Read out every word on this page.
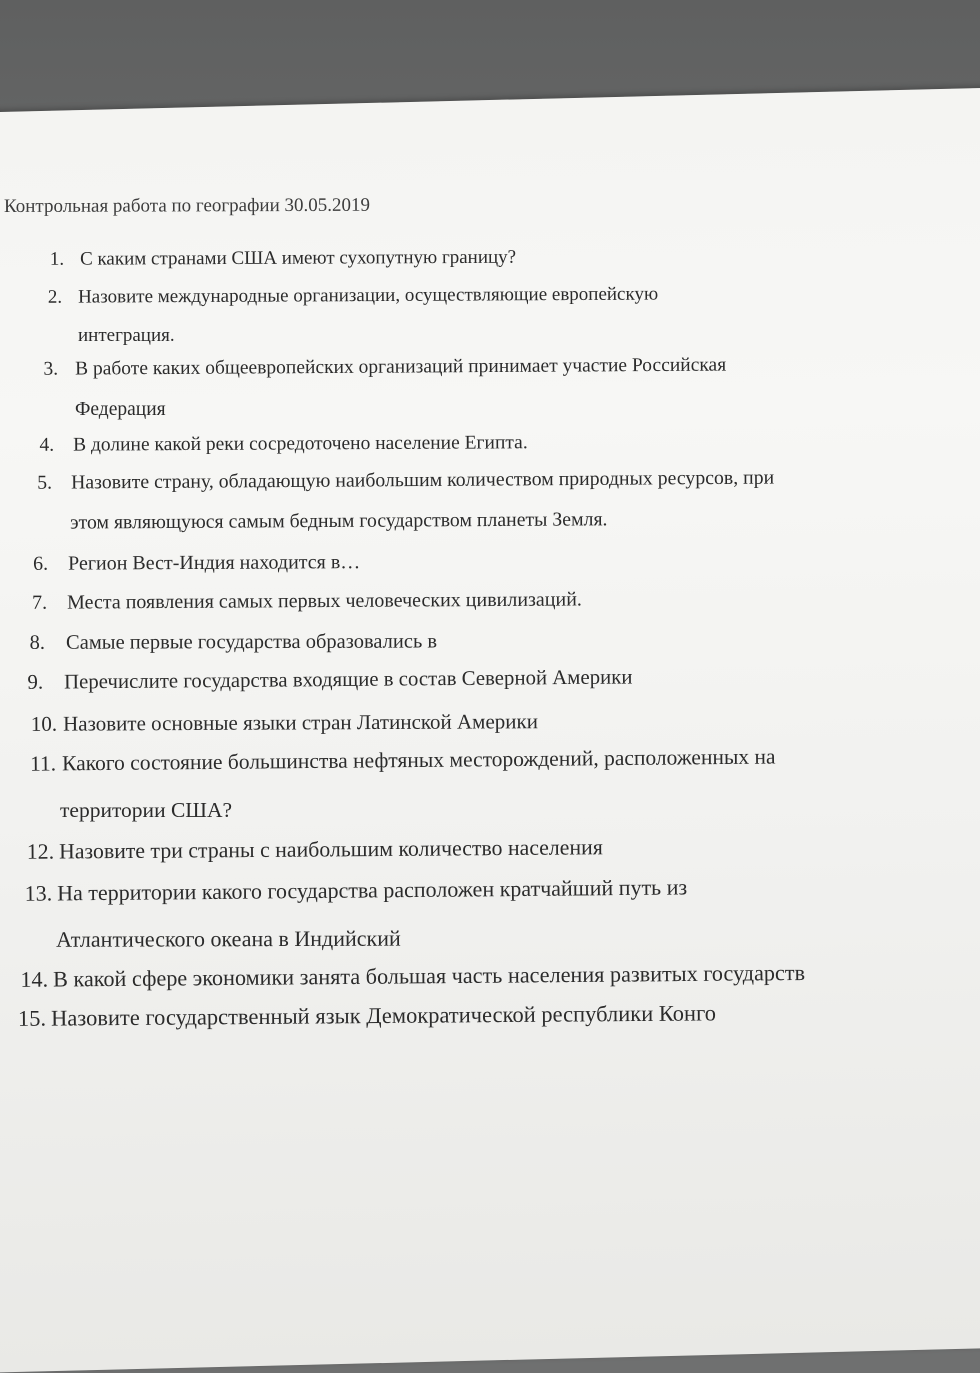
Контрольная работа по географии 30.05.2019
1. С каким странами США имеют сухопутную границу?
2. Назовите международные организации, осуществляющие европейскую
интеграция.
3. В работе каких общеевропейских организаций принимает участие Российская
Федерация
4. В долине какой реки сосредоточено население Египта.
5. Назовите страну, обладающую наибольшим количеством природных ресурсов, при
этом являющуюся самым бедным государством планеты Земля.
6. Регион Вест-Индия находится в…
7. Места появления самых первых человеческих цивилизаций.
8. Самые первые государства образовались в
9. Перечислите государства входящие в состав Северной Америки
10. Назовите основные языки стран Латинской Америки
11. Какого состояние большинства нефтяных месторождений, расположенных на
территории США?
12. Назовите три страны с наибольшим количество населения
13. На территории какого государства расположен кратчайший путь из
Атлантического океана в Индийский
14. В какой сфере экономики занята большая часть населения развитых государств
15. Назовите государственный язык Демократической республики Конго
